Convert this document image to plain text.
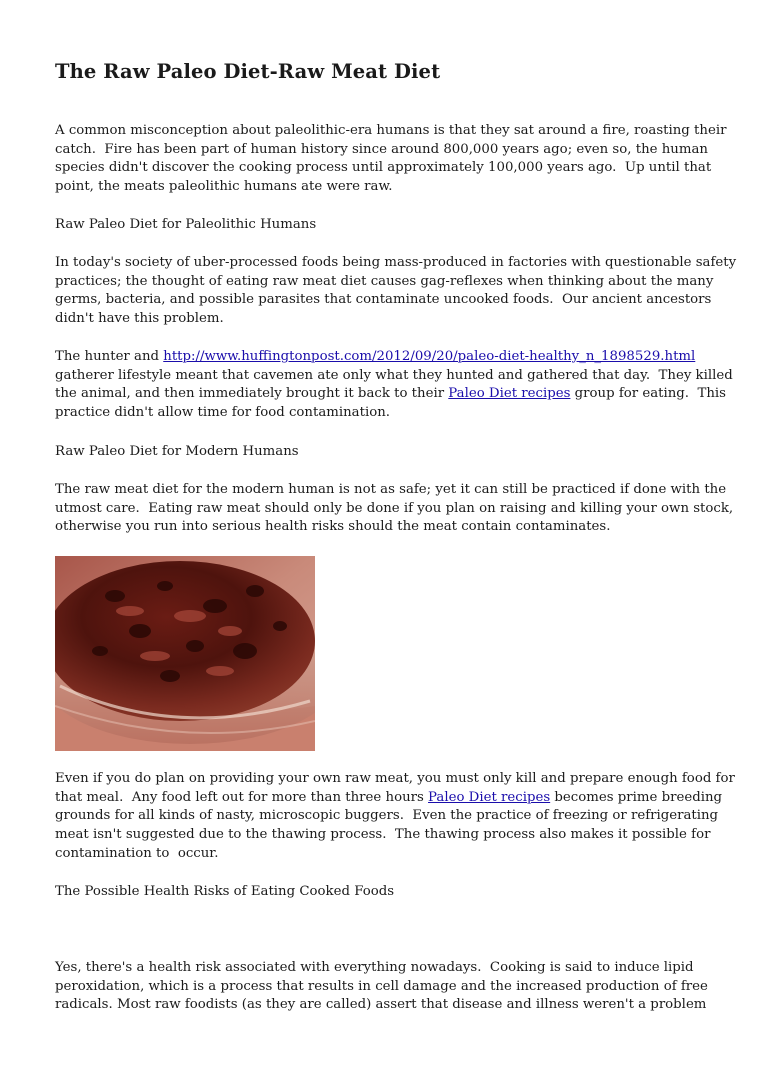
The Raw Paleo Diet-Raw Meat Diet

A common misconception about paleolithic-era humans is that they sat around a fire, roasting their
catch.  Fire has been part of human history since around 800,000 years ago; even so, the human
species didn't discover the cooking process until approximately 100,000 years ago.  Up until that
point, the meats paleolithic humans ate were raw.

Raw Paleo Diet for Paleolithic Humans

In today's society of uber-processed foods being mass-produced in factories with questionable safety
practices; the thought of eating raw meat diet causes gag-reflexes when thinking about the many
germs, bacteria, and possible parasites that contaminate uncooked foods.  Our ancient ancestors
didn't have this problem.

The hunter and http://www.huffingtonpost.com/2012/09/20/paleo-diet-healthy_n_1898529.html
gatherer lifestyle meant that cavemen ate only what they hunted and gathered that day.  They killed
the animal, and then immediately brought it back to their Paleo Diet recipes group for eating.  This
practice didn't allow time for food contamination.

Raw Paleo Diet for Modern Humans

The raw meat diet for the modern human is not as safe; yet it can still be practiced if done with the
utmost care.  Eating raw meat should only be done if you plan on raising and killing your own stock,
otherwise you run into serious health risks should the meat contain contaminates.

Even if you do plan on providing your own raw meat, you must only kill and prepare enough food for
that meal.  Any food left out for more than three hours Paleo Diet recipes becomes prime breeding
grounds for all kinds of nasty, microscopic buggers.  Even the practice of freezing or refrigerating
meat isn't suggested due to the thawing process.  The thawing process also makes it possible for
contamination to  occur.

The Possible Health Risks of Eating Cooked Foods

Yes, there's a health risk associated with everything nowadays.  Cooking is said to induce lipid
peroxidation, which is a process that results in cell damage and the increased production of free
radicals. Most raw foodists (as they are called) assert that disease and illness weren't a problem
